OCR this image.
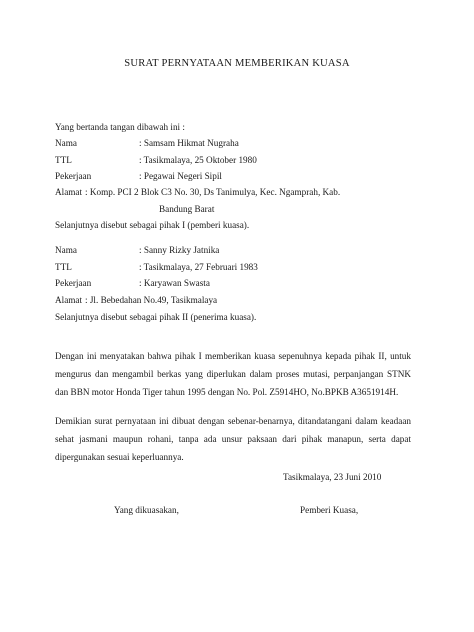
SURAT PERNYATAAN MEMBERIKAN KUASA
Yang bertanda tangan dibawah ini :
Nama	: Samsam Hikmat Nugraha
TTL	: Tasikmalaya, 25 Oktober 1980
Pekerjaan	: Pegawai Negeri Sipil
Alamat : Komp. PCI 2 Blok C3 No. 30, Ds Tanimulya, Kec. Ngamprah, Kab.
Bandung Barat
Selanjutnya disebut sebagai pihak I (pemberi kuasa).
Nama	: Sanny Rizky Jatnika
TTL	: Tasikmalaya, 27 Februari 1983
Pekerjaan	: Karyawan Swasta
Alamat : Jl. Bebedahan No.49, Tasikmalaya
Selanjutnya disebut sebagai pihak II (penerima kuasa).
Dengan ini menyatakan bahwa pihak I memberikan kuasa sepenuhnya kepada pihak II, untuk mengurus dan mengambil berkas yang diperlukan dalam proses mutasi, perpanjangan STNK dan BBN motor Honda Tiger tahun 1995 dengan No. Pol. Z5914HO, No.BPKB A3651914H.
Demikian surat pernyataan ini dibuat dengan sebenar-benarnya, ditandatangani dalam keadaan sehat jasmani maupun rohani, tanpa ada unsur paksaan dari pihak manapun, serta dapat dipergunakan sesuai keperluannya.
Tasikmalaya, 23 Juni 2010
Yang dikuasakan,	Pemberi Kuasa,
